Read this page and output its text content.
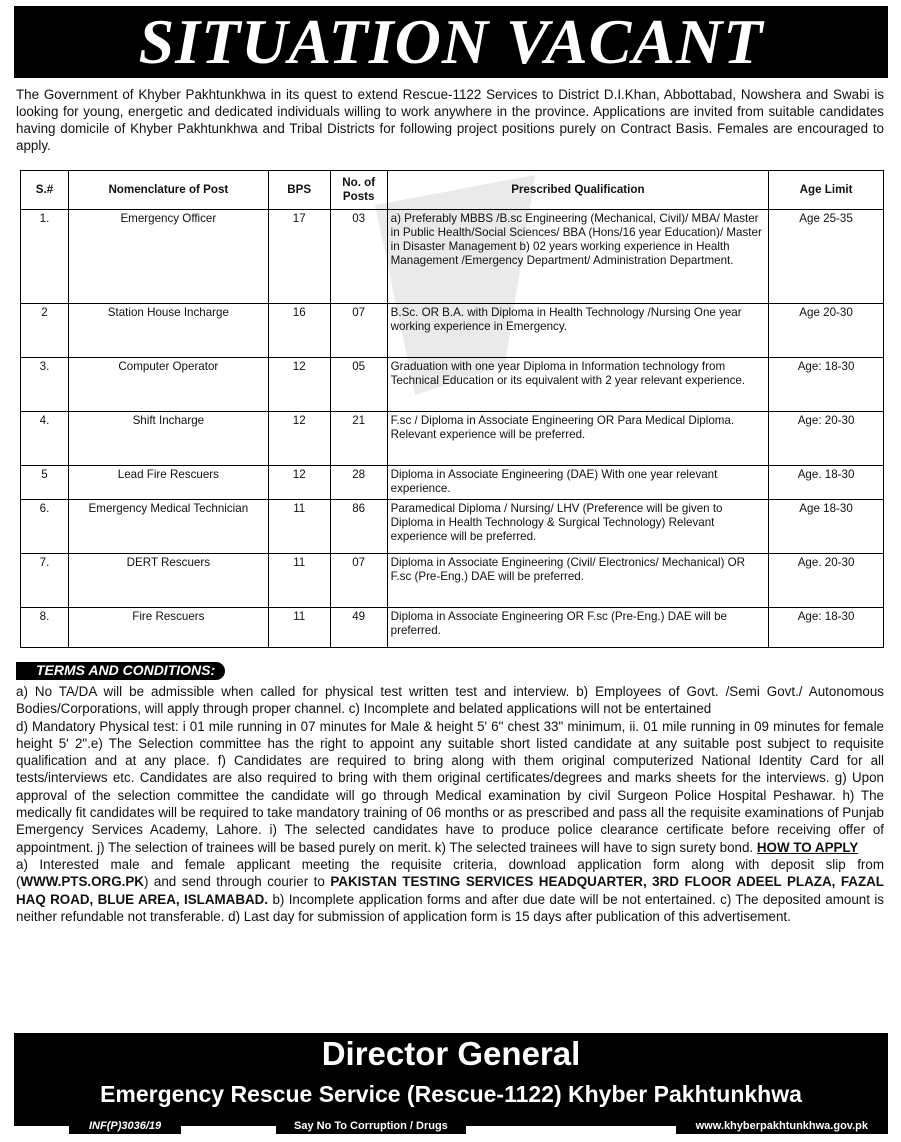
SITUATION VACANT
The Government of Khyber Pakhtunkhwa in its quest to extend Rescue-1122 Services to District D.I.Khan, Abbottabad, Nowshera and Swabi is looking for young, energetic and dedicated individuals willing to work anywhere in the province. Applications are invited from suitable candidates having domicile of Khyber Pakhtunkhwa and Tribal Districts for following project positions purely on Contract Basis. Females are encouraged to apply.
S.#	Nomenclature of Post	BPS	No. of Posts	Prescribed Qualification	Age Limit
1.	Emergency Officer	17	03	a) Preferably MBBS /B.sc Engineering (Mechanical, Civil)/ MBA/ Master in Public Health/Social Sciences/ BBA (Hons/16 year Education)/ Master in Disaster Management b) 02 years working experience in Health Management /Emergency Department/ Administration Department.	Age 25-35
2	Station House Incharge	16	07	B.Sc. OR B.A. with Diploma in Health Technology /Nursing One year working experience in Emergency.	Age 20-30
3.	Computer Operator	12	05	Graduation with one year Diploma in Information technology from Technical Education or its equivalent with 2 year relevant experience.	Age: 18-30
4.	Shift Incharge	12	21	F.sc / Diploma in Associate Engineering OR Para Medical Diploma. Relevant experience will be preferred.	Age: 20-30
5	Lead Fire Rescuers	12	28	Diploma in Associate Engineering (DAE) With one year relevant experience.	Age. 18-30
6.	Emergency Medical Technician	11	86	Paramedical Diploma / Nursing/ LHV (Preference will be given to Diploma in Health Technology & Surgical Technology) Relevant experience will be preferred.	Age 18-30
7.	DERT Rescuers	11	07	Diploma in Associate Engineering (Civil/ Electronics/ Mechanical) OR F.sc (Pre-Eng.) DAE will be preferred.	Age. 20-30
8.	Fire Rescuers	11	49	Diploma in Associate Engineering OR F.sc (Pre-Eng.) DAE will be preferred.	Age: 18-30
TERMS AND CONDITIONS:
a) No TA/DA will be admissible when called for physical test written test and interview. b) Employees of Govt. /Semi Govt./ Autonomous Bodies/Corporations, will apply through proper channel. c) Incomplete and belated applications will not be entertained
d) Mandatory Physical test: i 01 mile running in 07 minutes for Male & height 5' 6" chest 33" minimum, ii. 01 mile running in 09 minutes for female height 5' 2".e) The Selection committee has the right to appoint any suitable short listed candidate at any suitable post subject to requisite qualification and at any place. f) Candidates are required to bring along with them original computerized National Identity Card for all tests/interviews etc. Candidates are also required to bring with them original certificates/degrees and marks sheets for the interviews. g) Upon approval of the selection committee the candidate will go through Medical examination by civil Surgeon Police Hospital Peshawar. h) The medically fit candidates will be required to take mandatory training of 06 months or as prescribed and pass all the requisite examinations of Punjab Emergency Services Academy, Lahore. i) The selected candidates have to produce police clearance certificate before receiving offer of appointment. j) The selection of trainees will be based purely on merit. k) The selected trainees will have to sign surety bond. HOW TO APPLY
a) Interested male and female applicant meeting the requisite criteria, download application form along with deposit slip from (WWW.PTS.ORG.PK) and send through courier to PAKISTAN TESTING SERVICES HEADQUARTER, 3RD FLOOR ADEEL PLAZA, FAZAL HAQ ROAD, BLUE AREA, ISLAMABAD. b) Incomplete application forms and after due date will be not entertained. c) The deposited amount is neither refundable not transferable. d) Last day for submission of application form is 15 days after publication of this advertisement.
Director General
Emergency Rescue Service (Rescue-1122) Khyber Pakhtunkhwa
INF(P)3036/19	Say No To Corruption / Drugs	www.khyberpakhtunkhwa.gov.pk
